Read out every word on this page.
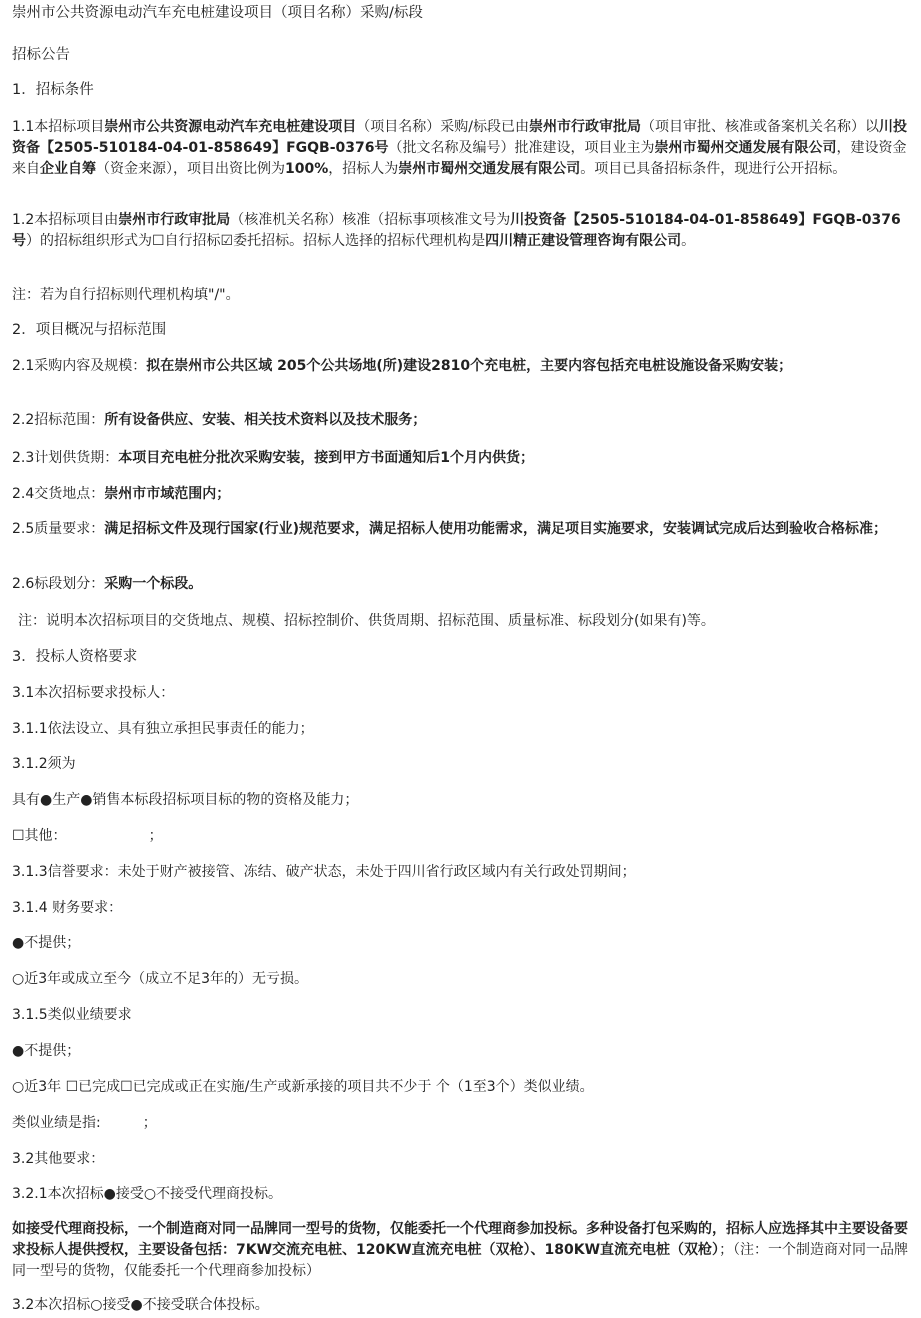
崇州市公共资源电动汽车充电桩建设项目（项目名称）采购/标段
招标公告
1．招标条件
1.1本招标项目崇州市公共资源电动汽车充电桩建设项目（项目名称）采购/标段已由崇州市行政审批局（项目审批、核准或备案机关名称）以川投资备【2505-510184-04-01-858649】FGQB-0376号（批文名称及编号）批准建设，项目业主为崇州市蜀州交通发展有限公司，建设资金来自企业自筹（资金来源），项目出资比例为100%，招标人为崇州市蜀州交通发展有限公司。项目已具备招标条件，现进行公开招标。
1.2本招标项目由崇州市行政审批局（核准机关名称）核准（招标事项核准文号为川投资备【2505-510184-04-01-858649】FGQB-0376号）的招标组织形式为☐自行招标☑委托招标。招标人选择的招标代理机构是四川精正建设管理咨询有限公司。
注：若为自行招标则代理机构填"/"。
2．项目概况与招标范围
2.1采购内容及规模：拟在崇州市公共区域 205个公共场地(所)建设2810个充电桩，主要内容包括充电桩设施设备采购安装；
2.2招标范围：所有设备供应、安装、相关技术资料以及技术服务；
2.3计划供货期：本项目充电桩分批次采购安装，接到甲方书面通知后1个月内供货；
2.4交货地点：崇州市市域范围内；
2.5质量要求：满足招标文件及现行国家(行业)规范要求，满足招标人使用功能需求，满足项目实施要求，安装调试完成后达到验收合格标准；
2.6标段划分：采购一个标段。
注：说明本次招标项目的交货地点、规模、招标控制价、供货周期、招标范围、质量标准、标段划分(如果有)等。
3．投标人资格要求
3.1本次招标要求投标人：
3.1.1依法设立、具有独立承担民事责任的能力；
3.1.2须为
具有●生产●销售本标段招标项目标的物的资格及能力；
☐其他：	；
3.1.3信誉要求：未处于财产被接管、冻结、破产状态，未处于四川省行政区域内有关行政处罚期间；
3.1.4 财务要求：
●不提供；
○近3年或成立至今（成立不足3年的）无亏损。
3.1.5类似业绩要求
●不提供；
○近3年 ☐已完成☐已完成或正在实施/生产或新承接的项目共不少于 个（1至3个）类似业绩。
类似业绩是指:	；
3.2其他要求：
3.2.1本次招标●接受○不接受代理商投标。
如接受代理商投标，一个制造商对同一品牌同一型号的货物，仅能委托一个代理商参加投标。多种设备打包采购的，招标人应选择其中主要设备要求投标人提供授权，主要设备包括：7KW交流充电桩、120KW直流充电桩（双枪）、180KW直流充电桩（双枪）；（注：一个制造商对同一品牌同一型号的货物，仅能委托一个代理商参加投标）
3.2本次招标○接受●不接受联合体投标。
